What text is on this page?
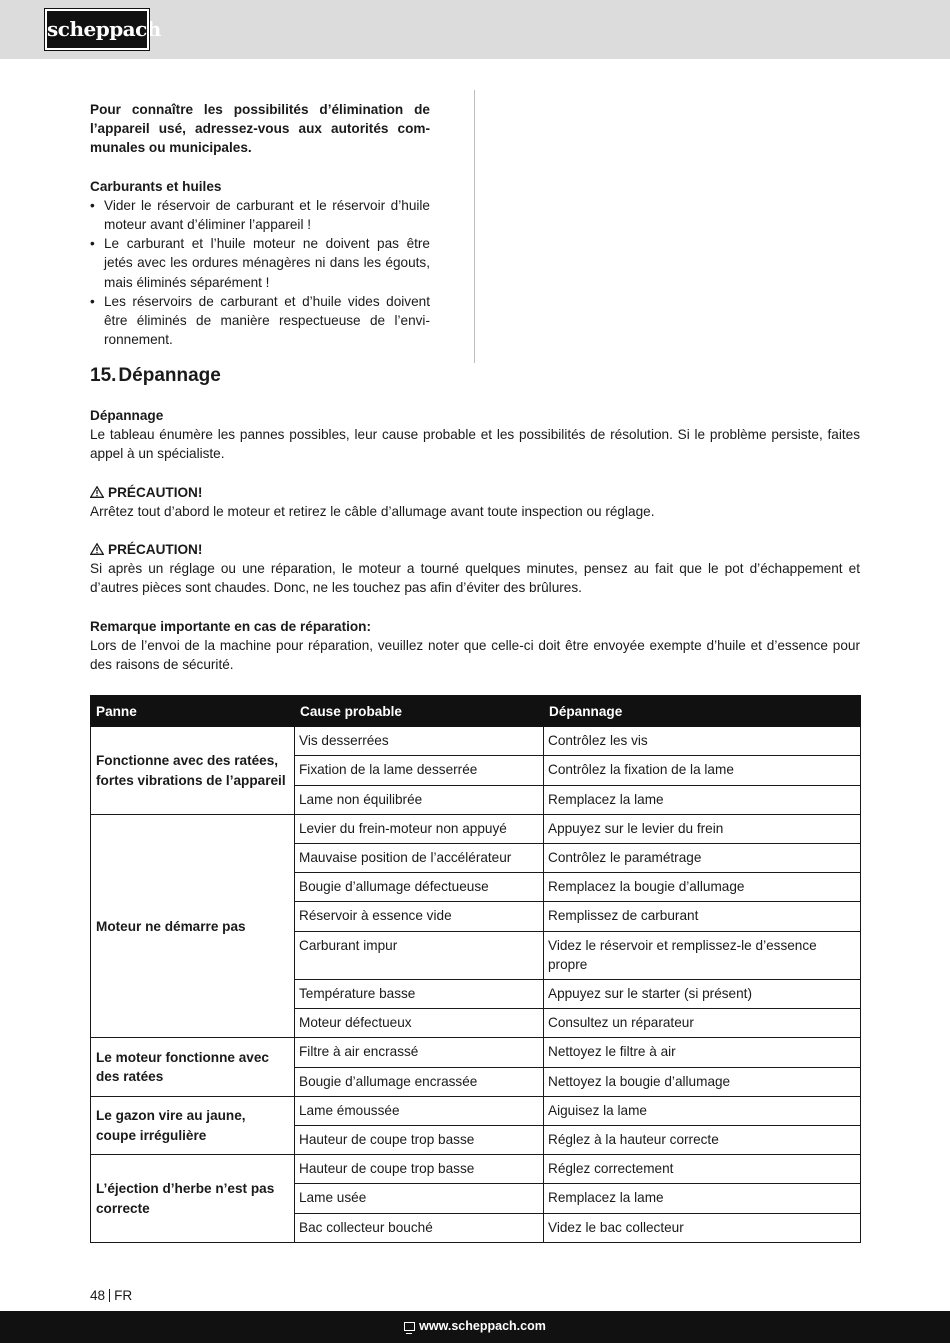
scheppach

Pour connaître les possibilités d’élimination de l’appareil usé, adressez-vous aux autorités communales ou municipales.

Carburants et huiles

• Vider le réservoir de carburant et le réservoir d’huile moteur avant d’éliminer l’appareil !
• Le carburant et l’huile moteur ne doivent pas être jetés avec les ordures ménagères ni dans les égouts, mais éliminés séparément !
• Les réservoirs de carburant et d’huile vides doivent être éliminés de manière respectueuse de l’environnement.
15. Dépannage

Dépannage

Le tableau énumère les pannes possibles, leur cause probable et les possibilités de résolution. Si le problème persiste, faites appel à un spécialiste.

PRÉCAUTION!

Arrêtez tout d’abord le moteur et retirez le câble d’allumage avant toute inspection ou réglage.

PRÉCAUTION!

Si après un réglage ou une réparation, le moteur a tourné quelques minutes, pensez au fait que le pot d’échappement et d’autres pièces sont chaudes. Donc, ne les touchez pas afin d’éviter des brûlures.

Remarque importante en cas de réparation:

Lors de l’envoi de la machine pour réparation, veuillez noter que celle-ci doit être envoyée exempte d’huile et d’essence pour des raisons de sécurité.

Panne	Cause probable	Dépannage
Fonctionne avec des ratées, fortes vibrations de l’appareil	Vis desserrées	Contrôlez les vis
	Fixation de la lame desserrée	Contrôlez la fixation de la lame
	Lame non équilibrée	Remplacez la lame
Moteur ne démarre pas	Levier du frein-moteur non appuyé	Appuyez sur le levier du frein
	Mauvaise position de l’accélérateur	Contrôlez le paramétrage
	Bougie d’allumage défectueuse	Remplacez la bougie d’allumage
	Réservoir à essence vide	Remplissez de carburant
	Carburant impur	Videz le réservoir et remplissez-le d’essence propre
	Température basse	Appuyez sur le starter (si présent)
	Moteur défectueux	Consultez un réparateur
Le moteur fonctionne avec des ratées	Filtre à air encrassé	Nettoyez le filtre à air
	Bougie d’allumage encrassée	Nettoyez la bougie d’allumage
Le gazon vire au jaune, coupe irrégulière	Lame émoussée	Aiguisez la lame
	Hauteur de coupe trop basse	Réglez à la hauteur correcte
L’éjection d’herbe n’est pas correcte	Hauteur de coupe trop basse	Réglez correctement
	Lame usée	Remplacez la lame
	Bac collecteur bouché	Videz le bac collecteur
48 FR
www.scheppach.com
